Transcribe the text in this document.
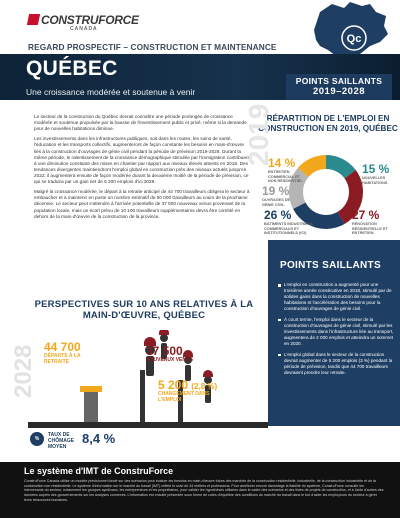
CONSTRUFORCE
CANADA
Qc
REGARD PROSPECTIF – CONSTRUCTION ET MAINTENANCE
QUÉBEC
Une croissance modérée et soutenue à venir
POINTS SAILLANTS
2019–2028

Le secteur de la construction du Québec devrait connaître une période prolongée de croissance modérée et soutenue propulsée par la hausse de l'investissement public et privé, même si la demande pour de nouvelles habitations diminue.

Les investissements dans les infrastructures publiques, soit dans les routes, les soins de santé, l'éducation et les transports collectifs, augmenteront de façon constante les besoins en main-d'œuvre liés à la construction d'ouvrages de génie civil pendant la période de prévision 2019-2028. Durant la même période, le ralentissement de la croissance démographique stimulée par l'immigration contribuera à une diminution constante des mises en chantier par rapport aux niveaux élevés atteints en 2018. Des tendances divergentes maintiendront l'emploi global en construction près des niveaux actuels jusqu'en 2022; il augmentera ensuite de façon modérée durant la deuxième moitié de la période de prévision, ce qui se traduira par un gain net de 5 200 emplois d'ici 2028.

Malgré la croissance modérée, le départ à la retraite anticipé de 44 700 travailleurs obligera le secteur à embaucher et à maintenir en poste un nombre estimatif de 50 000 travailleurs au cours de la prochaine décennie. Le secteur peut s'attendre à l'arrivée potentielle de 37 500 nouveaux venus provenant de la population locale, mais un écart prévu de 10 100 travailleurs supplémentaires devra être comblé en dehors de la main-d'œuvre de la construction de la province.

RÉPARTITION DE L'EMPLOI EN CONSTRUCTION EN 2019, QUÉBEC
2019
14 %
ENTRETIEN COMMERCIAL ET NON RÉSIDENTIEL
19 %
OUVRAGES DE GÉNIE CIVIL
26 %
BÂTIMENTS INDUSTRIELS, COMMERCIAUX ET INSTITUTIONNELS (ICI)
15 %
NOUVELLES HABITATIONS
27 %
RÉNOVATION RÉSIDENTIELLE ET ENTRETIEN
POINTS SAILLANTS
L'emploi en construction a augmenté pour une troisième année consécutive en 2018, stimulé par de solides gains dans la construction de nouvelles habitations et l'accélération des besoins pour la construction d'ouvrages de génie civil.
À court terme, l'emploi dans le secteur de la construction d'ouvrages de génie civil, stimulé par les investissements dans l'infrastructure liée au transport, augmentera de 2 000 emplois et atteindra un sommet en 2020.
L'emploi global dans le secteur de la construction devrait augmenter de 5 200 emplois (3 %) pendant la période de prévision, tandis que 44 700 travailleurs devraient prendre leur retraite.
PERSPECTIVES SUR 10 ANS RELATIVES À LA MAIN-D'ŒUVRE, QUÉBEC
2028 44 700
DÉPARTS À LA RETRAITE
37 500
NOUVEAUX VENUS
5 200 (2,8 %)
CHANGEMENT DANS L'EMPLOI
%
TAUX DE CHÔMAGE MOYEN
8,4 %
Le système d'IMT de ConstruForce
ConstruForce Canada utilise un modèle prévisionnel fondé sur des scénarios pour évaluer les besoins en main-d'œuvre futurs des marchés de la construction résidentielle, industrielle, de la construction industrielle et de la construction non résidentielle. Le système d'information sur le marché du travail (IMT) reflète le suivi de 34 métiers et professions. Pour améliorer encore davantage la fiabilité du système, ConstruForce consulte les intervenants du secteur, notamment les groupes syndicaux, les entrepreneurs et les propriétaires, pour valider les hypothèses utilisées dans le cadre des scénarios et des listes de projets de construction, et à l'aide d'autres des données auprès des gouvernements sur les analyses connexes. L'information est ensuite présentée sous forme de cotes d'équilibre des conditions du marché du travail dans le but d'aider les employeurs du secteur à gérer leurs ressources humaines.
